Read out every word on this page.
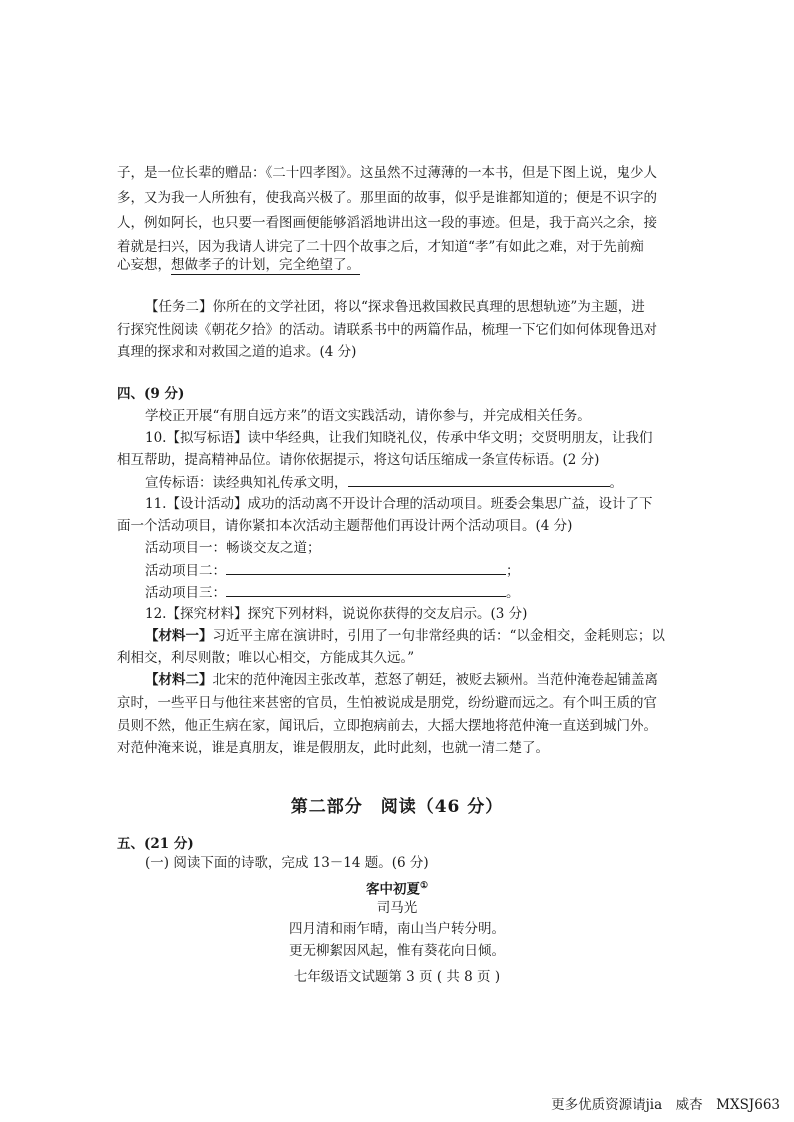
子，是一位长辈的赠品：《二十四孝图》。这虽然不过薄薄的一本书，但是下图上说，鬼少人
多，又为我一人所独有，使我高兴极了。那里面的故事，似乎是谁都知道的；便是不识字的
人，例如阿长，也只要一看图画便能够滔滔地讲出这一段的事迹。但是，我于高兴之余，接
着就是扫兴，因为我请人讲完了二十四个故事之后，才知道“孝”有如此之难，对于先前痴
心妄想，想做孝子的计划，完全绝望了。
【任务二】你所在的文学社团，将以“探求鲁迅救国救民真理的思想轨迹”为主题，进
行探究性阅读《朝花夕拾》的活动。请联系书中的两篇作品，梳理一下它们如何体现鲁迅对
真理的探求和对救国之道的追求。(4 分)
四、(9 分)
学校正开展“有朋自远方来”的语文实践活动，请你参与，并完成相关任务。
10.【拟写标语】读中华经典，让我们知晓礼仪，传承中华文明；交贤明朋友，让我们
相互帮助，提高精神品位。请你依据提示，将这句话压缩成一条宣传标语。(2 分)
宣传标语：读经典知礼传承文明，	。
11.【设计活动】成功的活动离不开设计合理的活动项目。班委会集思广益，设计了下
面一个活动项目，请你紧扣本次活动主题帮他们再设计两个活动项目。(4 分)
活动项目一：畅谈交友之道；
活动项目二：	；
活动项目三：	。
12.【探究材料】探究下列材料，说说你获得的交友启示。(3 分)
【材料一】习近平主席在演讲时，引用了一句非常经典的话：“以金相交，金耗则忘；以
利相交，利尽则散；唯以心相交，方能成其久远。”
【材料二】北宋的范仲淹因主张改革，惹怒了朝廷，被贬去颍州。当范仲淹卷起铺盖离
京时，一些平日与他往来甚密的官员，生怕被说成是朋党，纷纷避而远之。有个叫王质的官
员则不然，他正生病在家，闻讯后，立即抱病前去，大摇大摆地将范仲淹一直送到城门外。
对范仲淹来说，谁是真朋友，谁是假朋友，此时此刻，也就一清二楚了。
第二部分　阅读（46 分）
五、(21 分)
(一) 阅读下面的诗歌，完成 13－14 题。(6 分)
客中初夏①
司马光
四月清和雨乍晴，南山当户转分明。
更无柳絮因风起，惟有葵花向日倾。
七年级语文试题第 3 页 ( 共 8 页 )
更多优质资源请jia　威杏　MXSJ663
